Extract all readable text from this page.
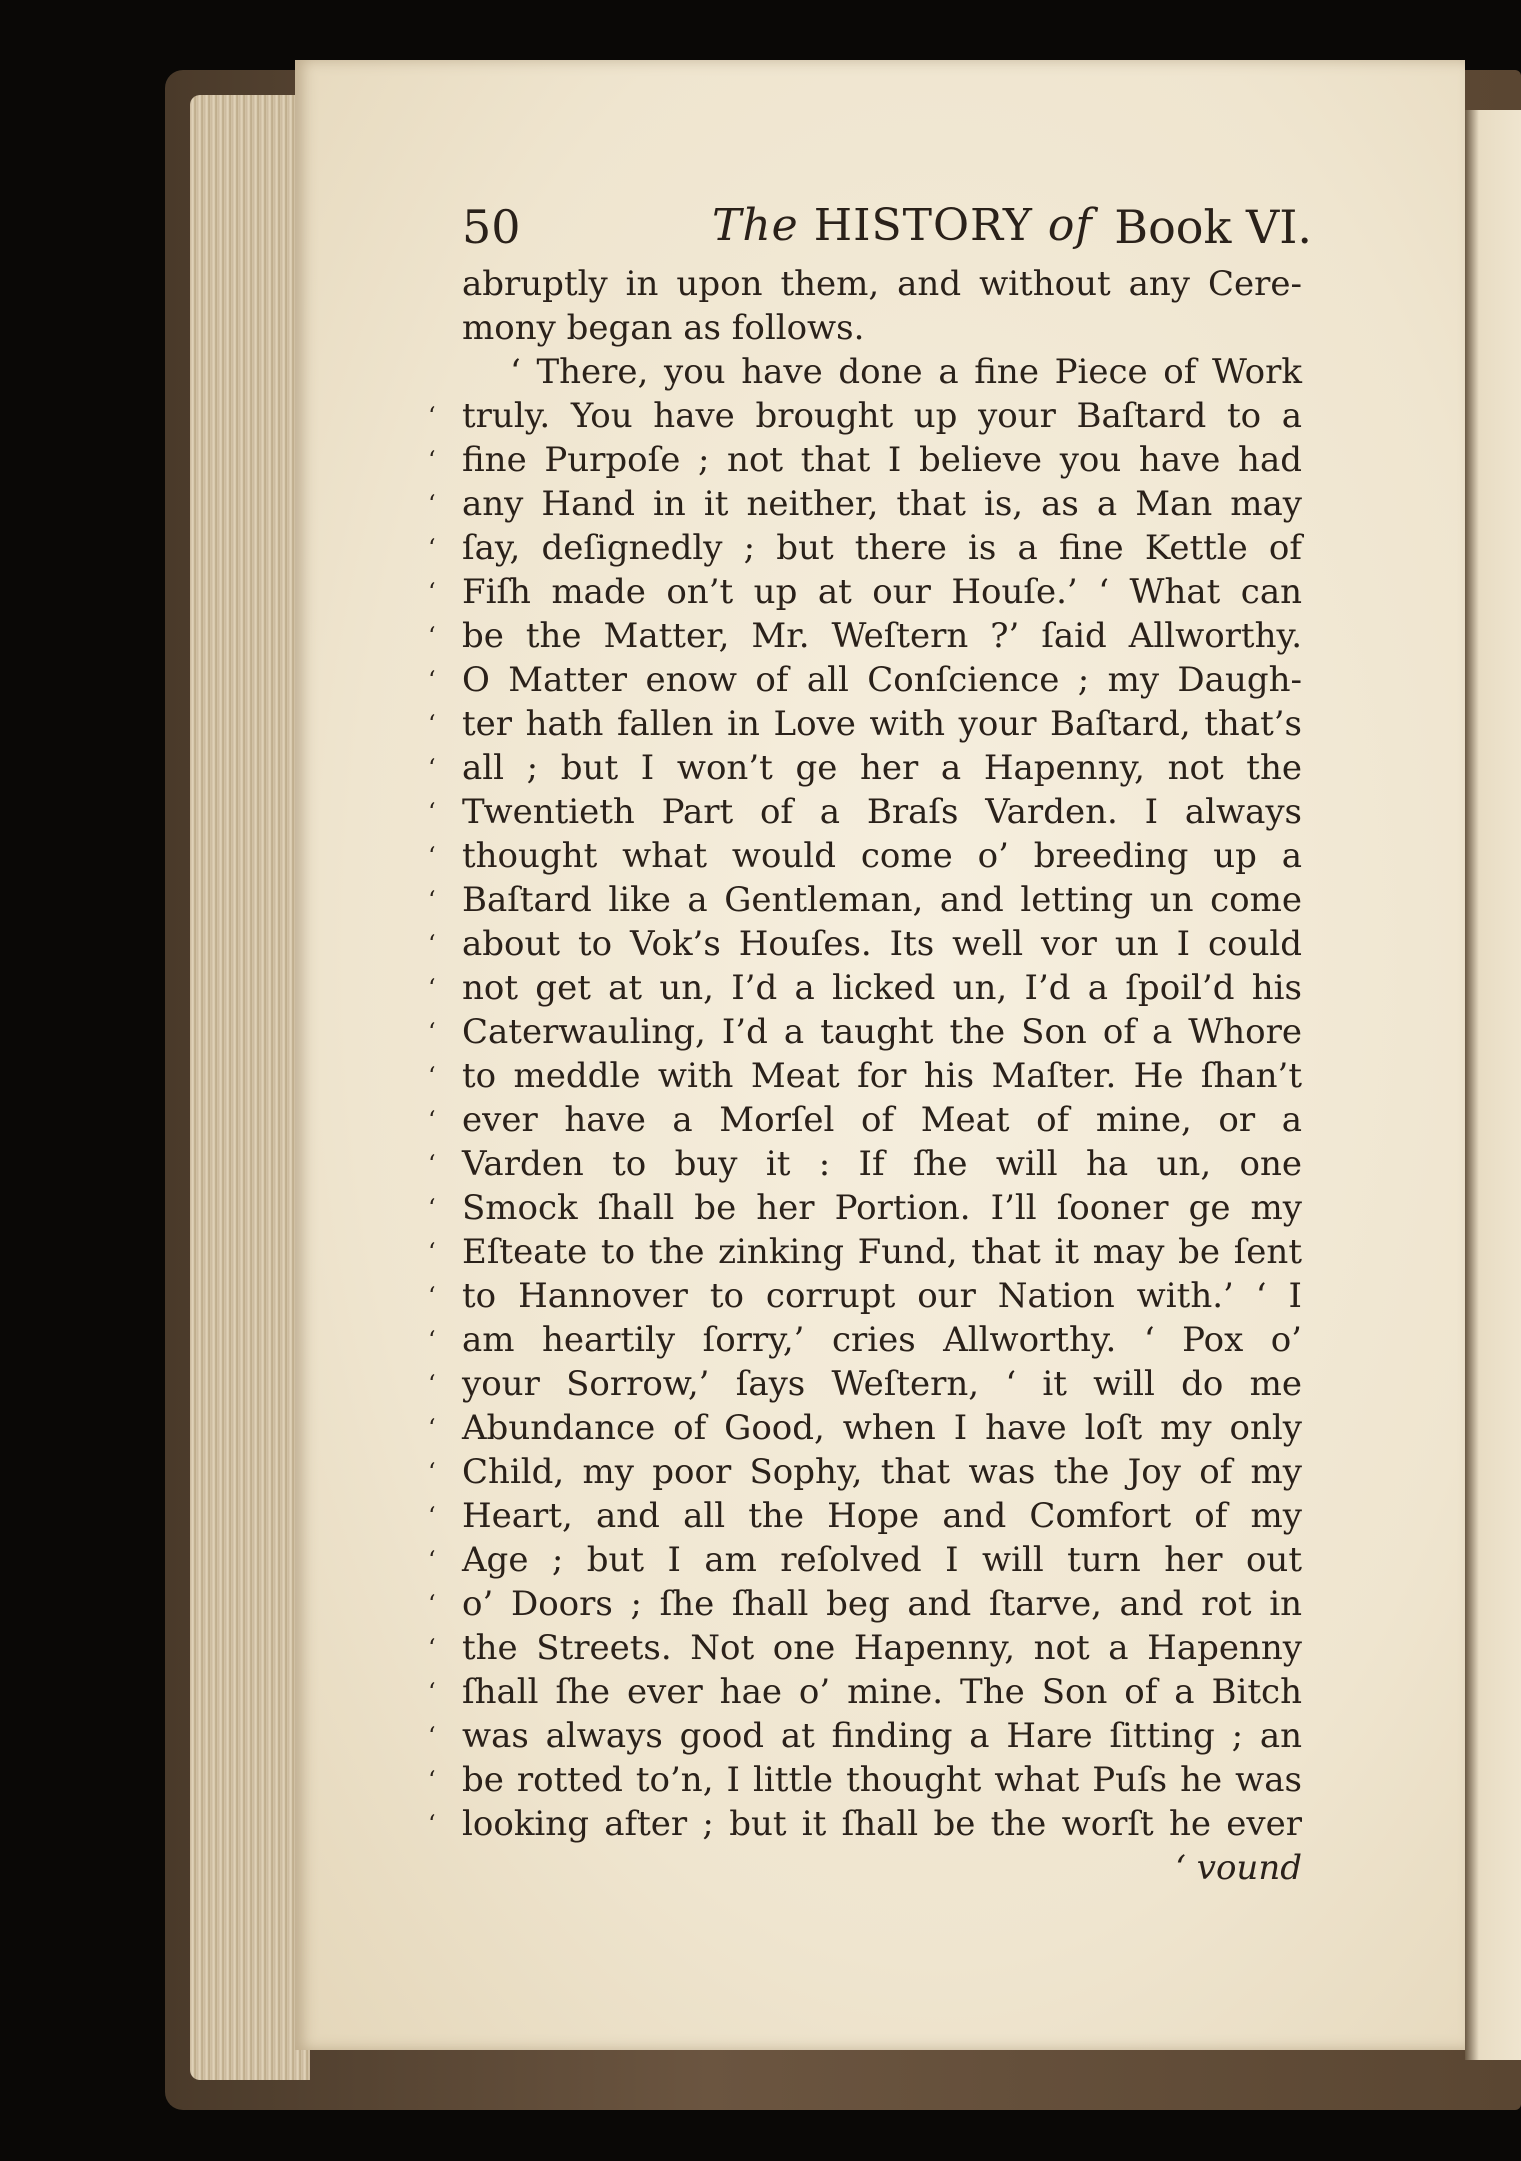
50	The HISTORY of Book VI.
abruptly in upon them, and without any Cere-
mony began as follows.
‘ There, you have done a fine Piece of Work
‘ truly. You have brought up your Baſtard to a
‘ fine Purpoſe ; not that I believe you have had
‘ any Hand in it neither, that is, as a Man may
‘ ſay, deſignedly ; but there is a fine Kettle of
‘ Fiſh made on’t up at our Houſe.’ ‘ What can
‘ be the Matter, Mr. Weſtern ?’ ſaid Allworthy.
‘ O Matter enow of all Conſcience ; my Daugh-
‘ ter hath fallen in Love with your Baſtard, that’s
‘ all ; but I won’t ge her a Hapenny, not the
‘ Twentieth Part of a Braſs Varden. I always
‘ thought what would come o’ breeding up a
‘ Baſtard like a Gentleman, and letting un come
‘ about to Vok’s Houſes. Its well vor un I could
‘ not get at un, I’d a licked un, I’d a ſpoil’d his
‘ Caterwauling, I’d a taught the Son of a Whore
‘ to meddle with Meat for his Maſter. He ſhan’t
‘ ever have a Morſel of Meat of mine, or a
‘ Varden to buy it : If ſhe will ha un, one
‘ Smock ſhall be her Portion. I’ll ſooner ge my
‘ Eſteate to the zinking Fund, that it may be ſent
‘ to Hannover to corrupt our Nation with.’ ‘ I
‘ am heartily ſorry,’ cries Allworthy. ‘ Pox o’
‘ your Sorrow,’ ſays Weſtern, ‘ it will do me
‘ Abundance of Good, when I have loſt my only
‘ Child, my poor Sophy, that was the Joy of my
‘ Heart, and all the Hope and Comfort of my
‘ Age ; but I am reſolved I will turn her out
‘ o’ Doors ; ſhe ſhall beg and ſtarve, and rot in
‘ the Streets. Not one Hapenny, not a Hapenny
‘ ſhall ſhe ever hae o’ mine. The Son of a Bitch
‘ was always good at finding a Hare ſitting ; an
‘ be rotted to’n, I little thought what Puſs he was
‘ looking after ; but it ſhall be the worſt he ever
‘ vound
